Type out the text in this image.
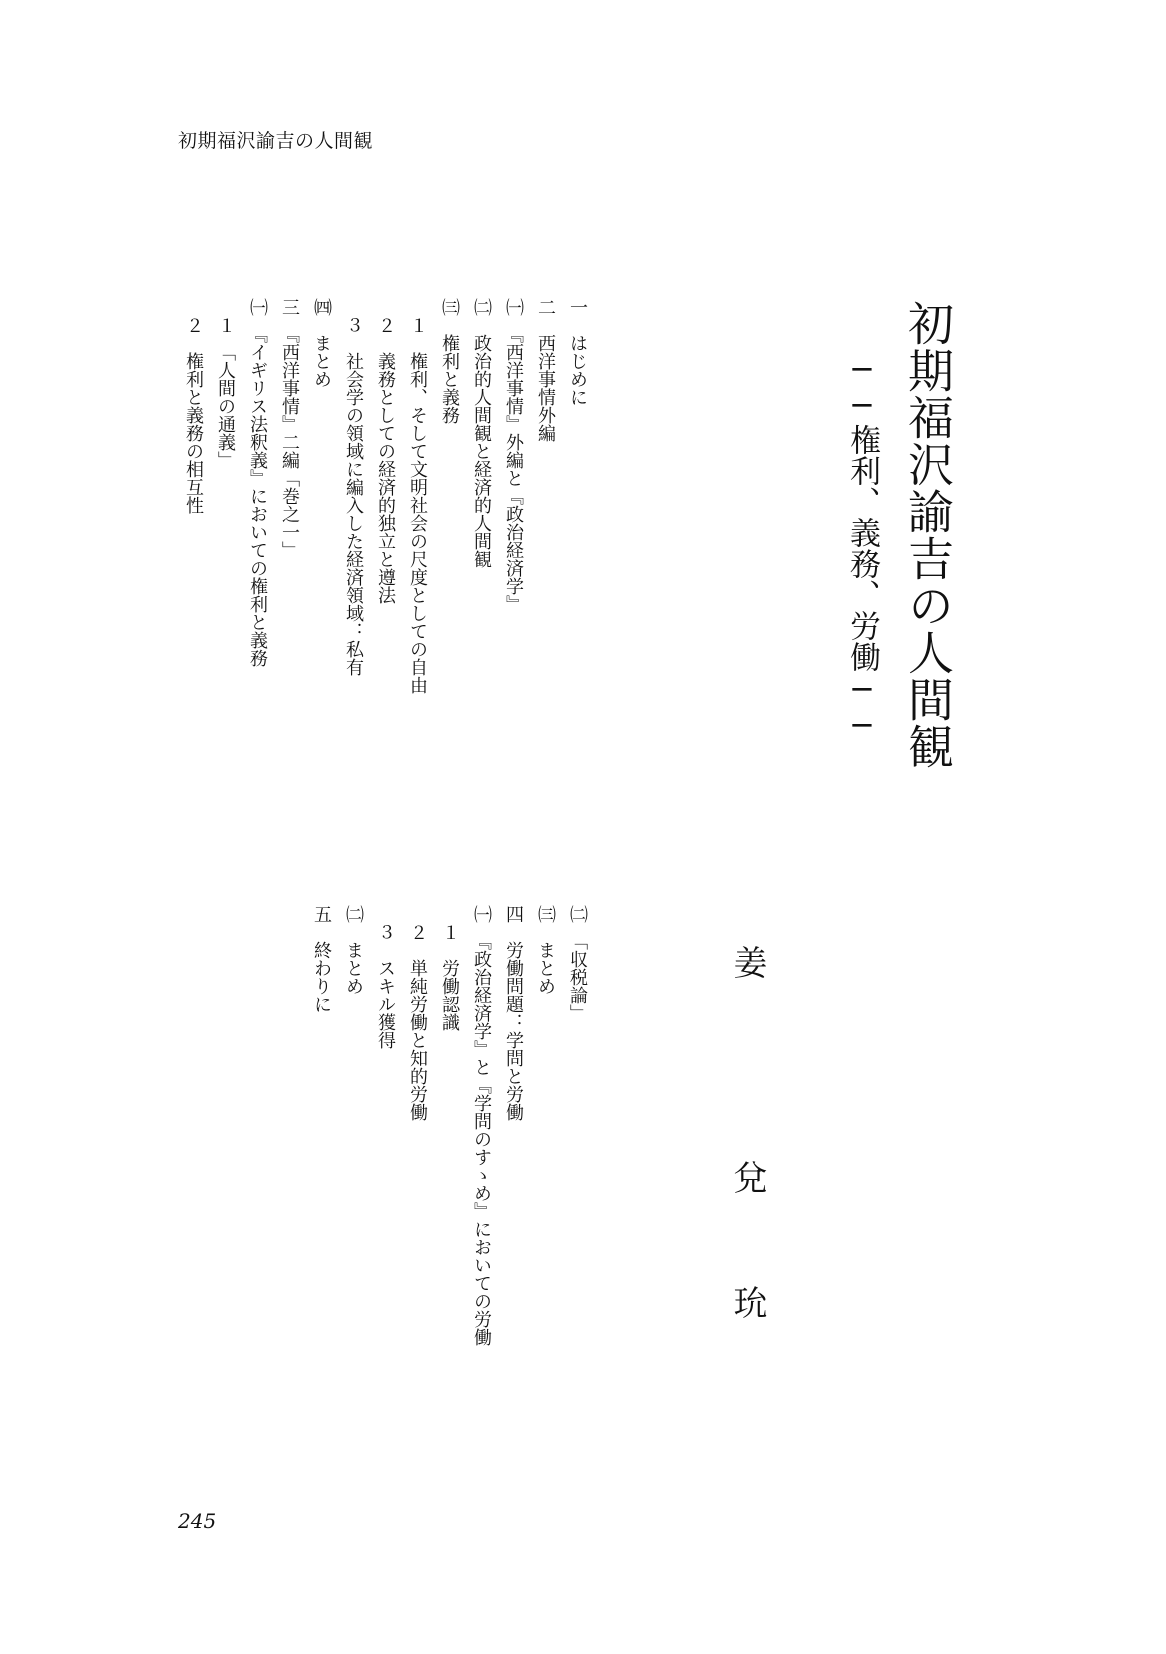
初期福沢諭吉の人間観
初期福沢諭吉の人間観
──権利、義務、労働──
姜
兌
玧
一　はじめに
二　西洋事情外編
㈠　『西洋事情』外編と『政治経済学』
㈡　政治的人間観と経済的人間観
㈢　権利と義務
　１　権利、そして文明社会の尺度としての自由
　２　義務としての経済的独立と遵法
　３　社会学の領域に編入した経済領域：私有
㈣　まとめ
三　『西洋事情』二編「巻之一」
㈠　『イギリス法釈義』においての権利と義務
　１　「人間の通義」
　２　権利と義務の相互性
㈡　「収税論」
㈢　まとめ
四　労働問題：学問と労働
㈠　『政治経済学』と『学問のすゝめ』においての労働
　１　労働認識
　２　単純労働と知的労働
　３　スキル獲得
㈡　まとめ
五　終わりに
245
